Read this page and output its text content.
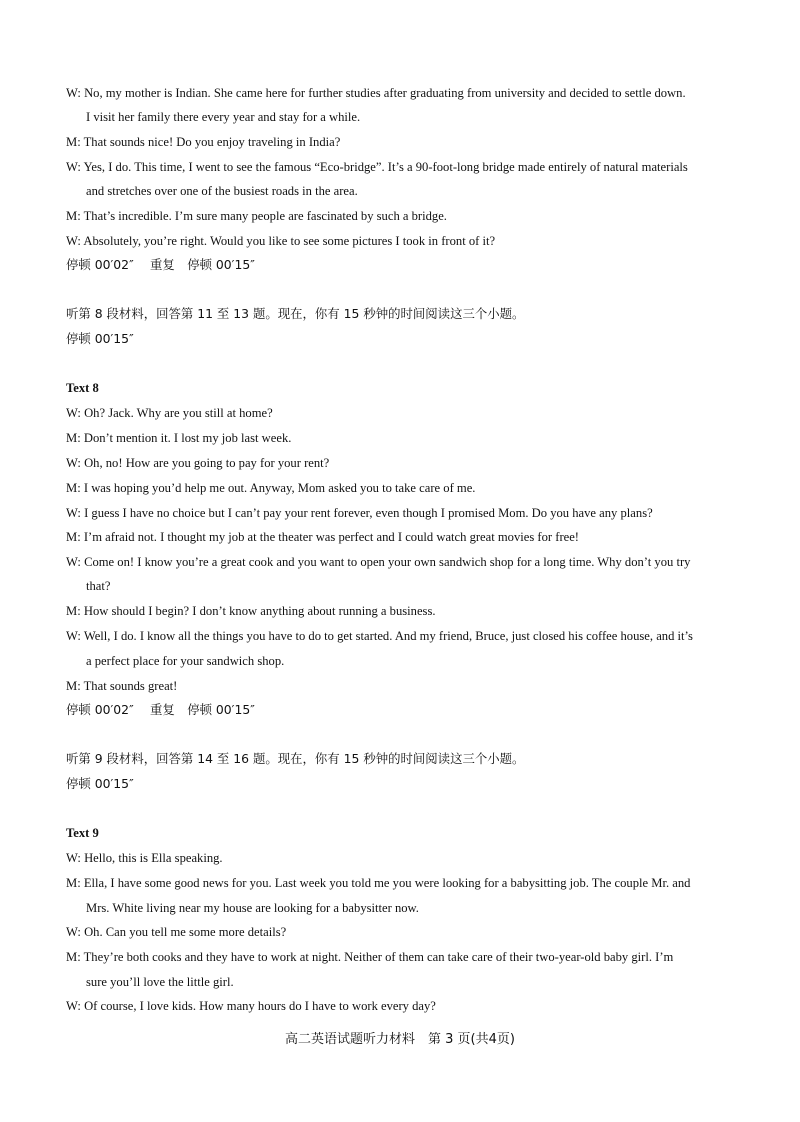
W: No, my mother is Indian. She came here for further studies after graduating from university and decided to settle down.
I visit her family there every year and stay for a while.
M: That sounds nice! Do you enjoy traveling in India?
W: Yes, I do. This time, I went to see the famous “Eco-bridge”. It’s a 90-foot-long bridge made entirely of natural materials
and stretches over one of the busiest roads in the area.
M: That’s incredible. I’m sure many people are fascinated by such a bridge.
W: Absolutely, you’re right. Would you like to see some pictures I took in front of it?
停顿 00′02″　 重复　停顿 00′15″
听第 8 段材料，回答第 11 至 13 题。现在，你有 15 秒钟的时间阅读这三个小题。
停顿 00′15″
Text 8
W: Oh? Jack. Why are you still at home?
M: Don’t mention it. I lost my job last week.
W: Oh, no! How are you going to pay for your rent?
M: I was hoping you’d help me out. Anyway, Mom asked you to take care of me.
W: I guess I have no choice but I can’t pay your rent forever, even though I promised Mom. Do you have any plans?
M: I’m afraid not. I thought my job at the theater was perfect and I could watch great movies for free!
W: Come on! I know you’re a great cook and you want to open your own sandwich shop for a long time. Why don’t you try
that?
M: How should I begin? I don’t know anything about running a business.
W: Well, I do. I know all the things you have to do to get started. And my friend, Bruce, just closed his coffee house, and it’s
a perfect place for your sandwich shop.
M: That sounds great!
停顿 00′02″　 重复　停顿 00′15″
听第 9 段材料，回答第 14 至 16 题。现在，你有 15 秒钟的时间阅读这三个小题。
停顿 00′15″
Text 9
W: Hello, this is Ella speaking.
M: Ella, I have some good news for you. Last week you told me you were looking for a babysitting job. The couple Mr. and
Mrs. White living near my house are looking for a babysitter now.
W: Oh. Can you tell me some more details?
M: They’re both cooks and they have to work at night. Neither of them can take care of their two-year-old baby girl. I’m
sure you’ll love the little girl.
W: Of course, I love kids. How many hours do I have to work every day?
高二英语试题听力材料　第 3 页(共4页)
